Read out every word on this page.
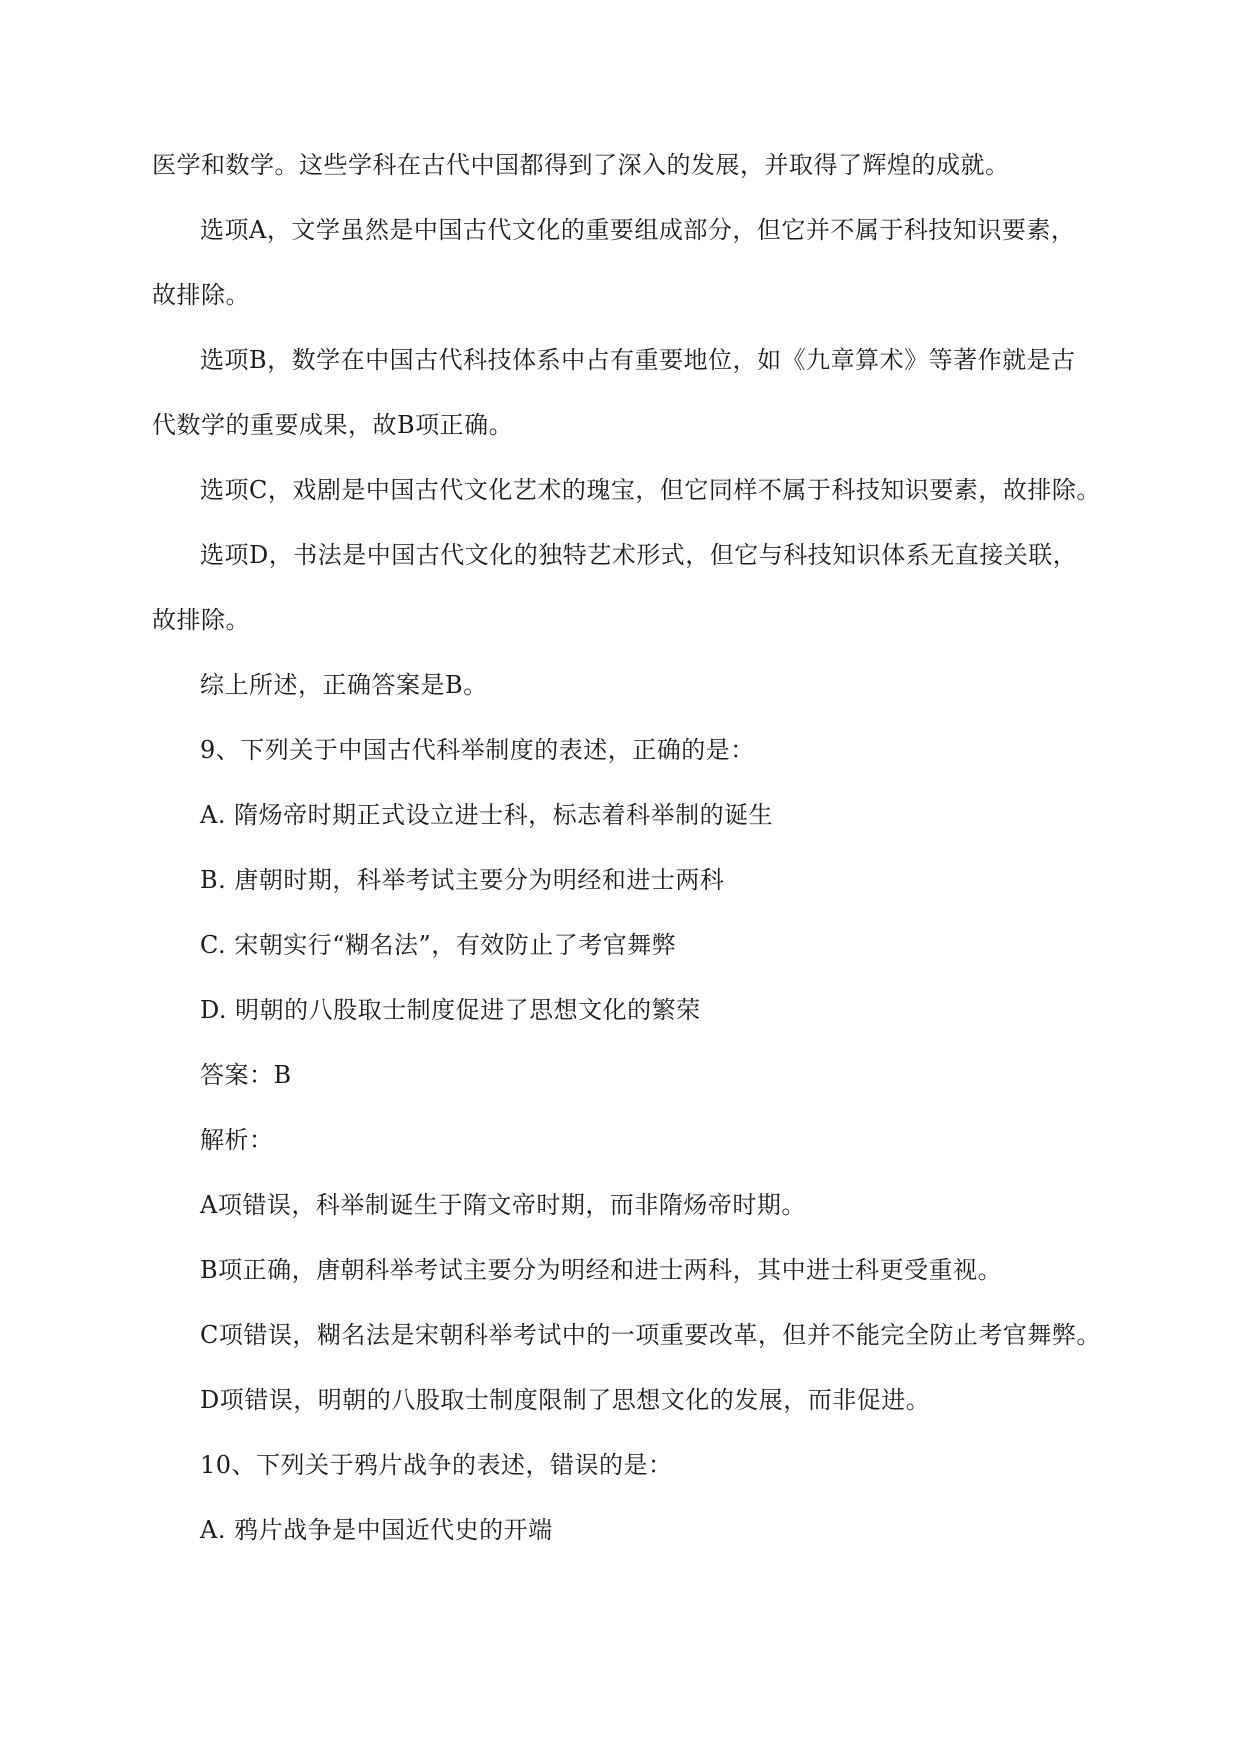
医学和数学。这些学科在古代中国都得到了深入的发展，并取得了辉煌的成就。
选项A，文学虽然是中国古代文化的重要组成部分，但它并不属于科技知识要素，
故排除。
选项B，数学在中国古代科技体系中占有重要地位，如《九章算术》等著作就是古
代数学的重要成果，故B项正确。
选项C，戏剧是中国古代文化艺术的瑰宝，但它同样不属于科技知识要素，故排除。
选项D，书法是中国古代文化的独特艺术形式，但它与科技知识体系无直接关联，
故排除。
综上所述，正确答案是B。
9、下列关于中国古代科举制度的表述，正确的是：
A. 隋炀帝时期正式设立进士科，标志着科举制的诞生
B. 唐朝时期，科举考试主要分为明经和进士两科
C. 宋朝实行“糊名法”，有效防止了考官舞弊
D. 明朝的八股取士制度促进了思想文化的繁荣
答案：B
解析：
A项错误，科举制诞生于隋文帝时期，而非隋炀帝时期。
B项正确，唐朝科举考试主要分为明经和进士两科，其中进士科更受重视。
C项错误，糊名法是宋朝科举考试中的一项重要改革，但并不能完全防止考官舞弊。
D项错误，明朝的八股取士制度限制了思想文化的发展，而非促进。
10、下列关于鸦片战争的表述，错误的是：
A. 鸦片战争是中国近代史的开端
